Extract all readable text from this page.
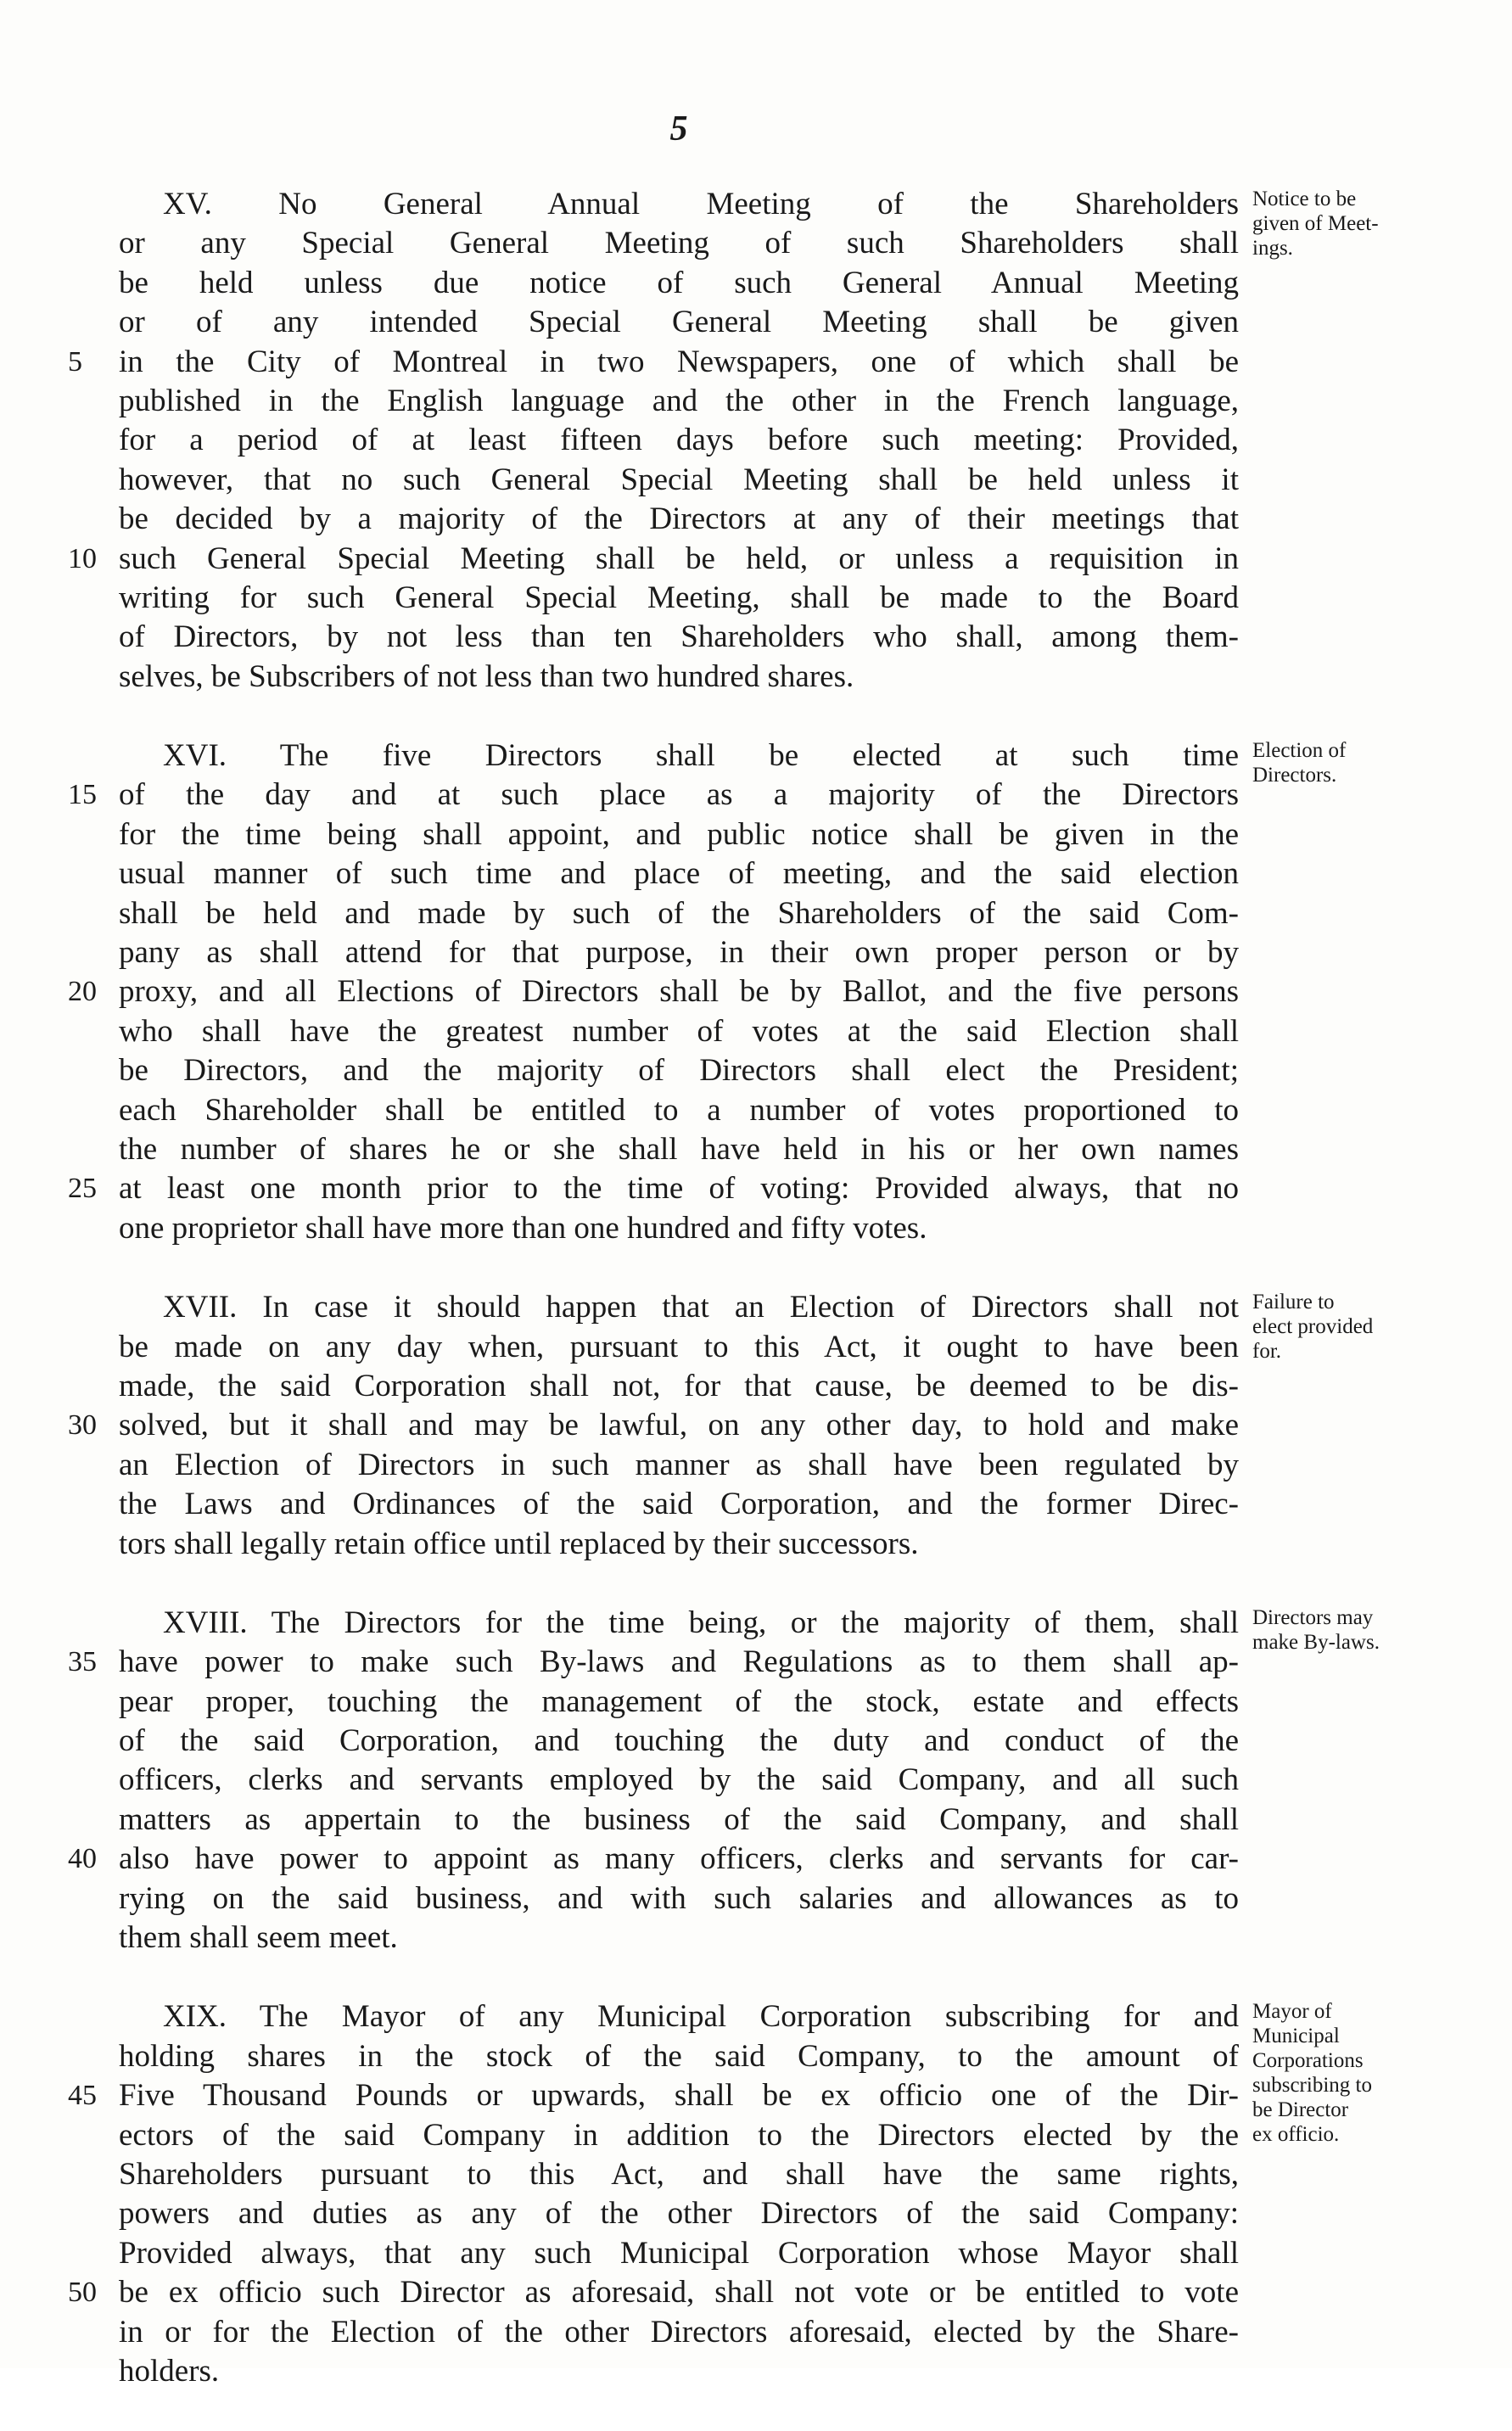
5
XV. No General Annual Meeting of the Shareholders
or any Special General Meeting of such Shareholders shall
be held unless due notice of such General Annual Meeting
or of any intended Special General Meeting shall be given
5	in the City of Montreal in two Newspapers, one of which shall be
published in the English language and the other in the French language,
for a period of at least fifteen days before such meeting: Provided,
however, that no such General Special Meeting shall be held unless it
be decided by a majority of the Directors at any of their meetings that
10 such General Special Meeting shall be held, or unless a requisition in
writing for such General Special Meeting, shall be made to the Board
of Directors, by not less than ten Shareholders who shall, among them-
selves, be Subscribers of not less than two hundred shares.
Notice to be
given of Meet-
ings.
XVI. The five Directors shall be elected at such time
15 of the day and at such place as a majority of the Directors
for the time being shall appoint, and public notice shall be given in the
usual manner of such time and place of meeting, and the said election
shall be held and made by such of the Shareholders of the said Com-
pany as shall attend for that purpose, in their own proper person or by
20 proxy, and all Elections of Directors shall be by Ballot, and the five persons
who shall have the greatest number of votes at the said Election shall
be Directors, and the majority of Directors shall elect the President;
each Shareholder shall be entitled to a number of votes proportioned to
the number of shares he or she shall have held in his or her own names
25 at least one month prior to the time of voting: Provided always, that no
one proprietor shall have more than one hundred and fifty votes.
Election of
Directors.
XVII. In case it should happen that an Election of Directors shall not
be made on any day when, pursuant to this Act, it ought to have been
made, the said Corporation shall not, for that cause, be deemed to be dis-
30 solved, but it shall and may be lawful, on any other day, to hold and make
an Election of Directors in such manner as shall have been regulated by
the Laws and Ordinances of the said Corporation, and the former Direc-
tors shall legally retain office until replaced by their successors.
Failure to
elect provided
for.
XVIII. The Directors for the time being, or the majority of them, shall
35 have power to make such By-laws and Regulations as to them shall ap-
pear proper, touching the management of the stock, estate and effects
of the said Corporation, and touching the duty and conduct of the
officers, clerks and servants employed by the said Company, and all such
matters as appertain to the business of the said Company, and shall
40 also have power to appoint as many officers, clerks and servants for car-
rying on the said business, and with such salaries and allowances as to
them shall seem meet.
Directors may
make By-laws.
XIX. The Mayor of any Municipal Corporation subscribing for and
holding shares in the stock of the said Company, to the amount of
45 Five Thousand Pounds or upwards, shall be ex officio one of the Dir-
ectors of the said Company in addition to the Directors elected by the
Shareholders pursuant to this Act, and shall have the same rights,
powers and duties as any of the other Directors of the said Company:
Provided always, that any such Municipal Corporation whose Mayor shall
50 be ex officio such Director as aforesaid, shall not vote or be entitled to vote
in or for the Election of the other Directors aforesaid, elected by the Share-
holders.
Mayor of
Municipal
Corporations
subscribing to
be Director
ex officio.
